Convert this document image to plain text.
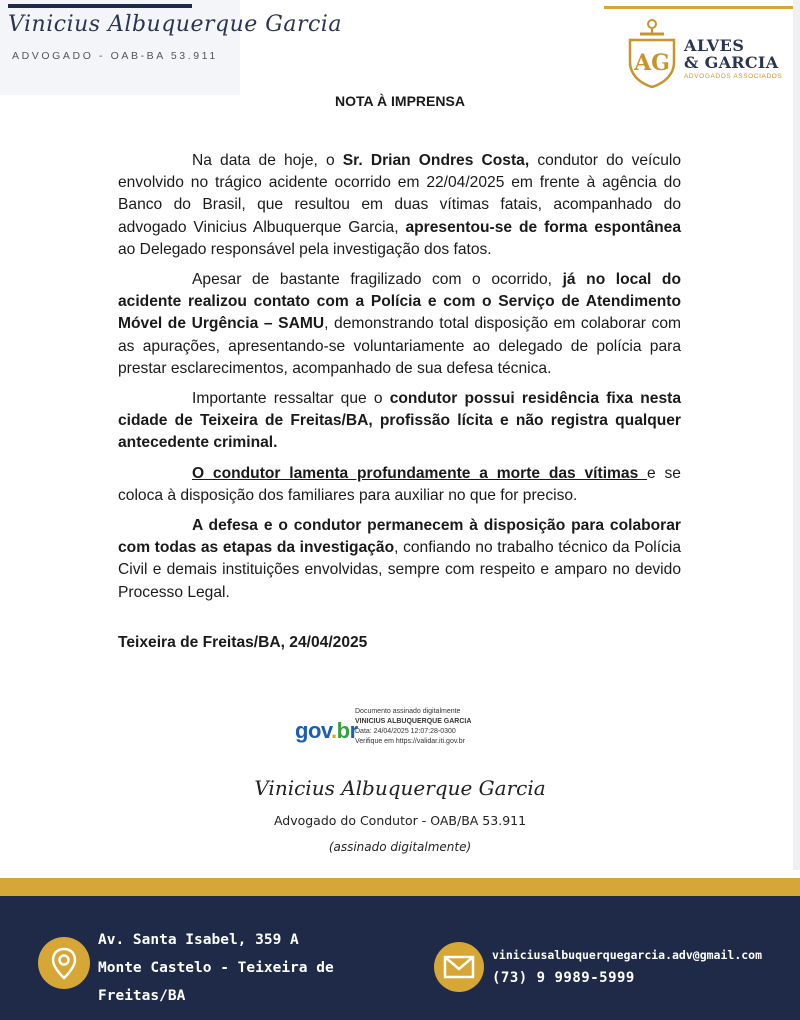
Vinicius Albuquerque Garcia
ADVOGADO - OAB-BA 53.911	AG
ALVES
& GARCIA
ADVOGADOS ASSOCIADOS
NOTA À IMPRENSA

Na data de hoje, o Sr. Drian Ondres Costa, condutor do veículo envolvido no trágico acidente ocorrido em 22/04/2025 em frente à agência do Banco do Brasil, que resultou em duas vítimas fatais, acompanhado do advogado Vinicius Albuquerque Garcia, apresentou-se de forma espontânea ao Delegado responsável pela investigação dos fatos.

Apesar de bastante fragilizado com o ocorrido, já no local do acidente realizou contato com a Polícia e com o Serviço de Atendimento Móvel de Urgência – SAMU, demonstrando total disposição em colaborar com as apurações, apresentando-se voluntariamente ao delegado de polícia para prestar esclarecimentos, acompanhado de sua defesa técnica.

Importante ressaltar que o condutor possui residência fixa nesta cidade de Teixeira de Freitas/BA, profissão lícita e não registra qualquer antecedente criminal.

O condutor lamenta profundamente a morte das vítimas e se coloca à disposição dos familiares para auxiliar no que for preciso.

A defesa e o condutor permanecem à disposição para colaborar com todas as etapas da investigação, confiando no trabalho técnico da Polícia Civil e demais instituições envolvidas, sempre com respeito e amparo no devido Processo Legal.

Teixeira de Freitas/BA, 24/04/2025
gov.br
Documento assinado digitalmente
VINICIUS ALBUQUERQUE GARCIA
Data: 24/04/2025 12:07:28-0300
Verifique em https://validar.iti.gov.br
Vinicius Albuquerque Garcia
Advogado do Condutor - OAB/BA 53.911
(assinado digitalmente)
Av. Santa Isabel, 359 A
Monte Castelo - Teixeira de
Freitas/BA
viniciusalbuquerquegarcia.adv@gmail.com
(73) 9 9989-5999
